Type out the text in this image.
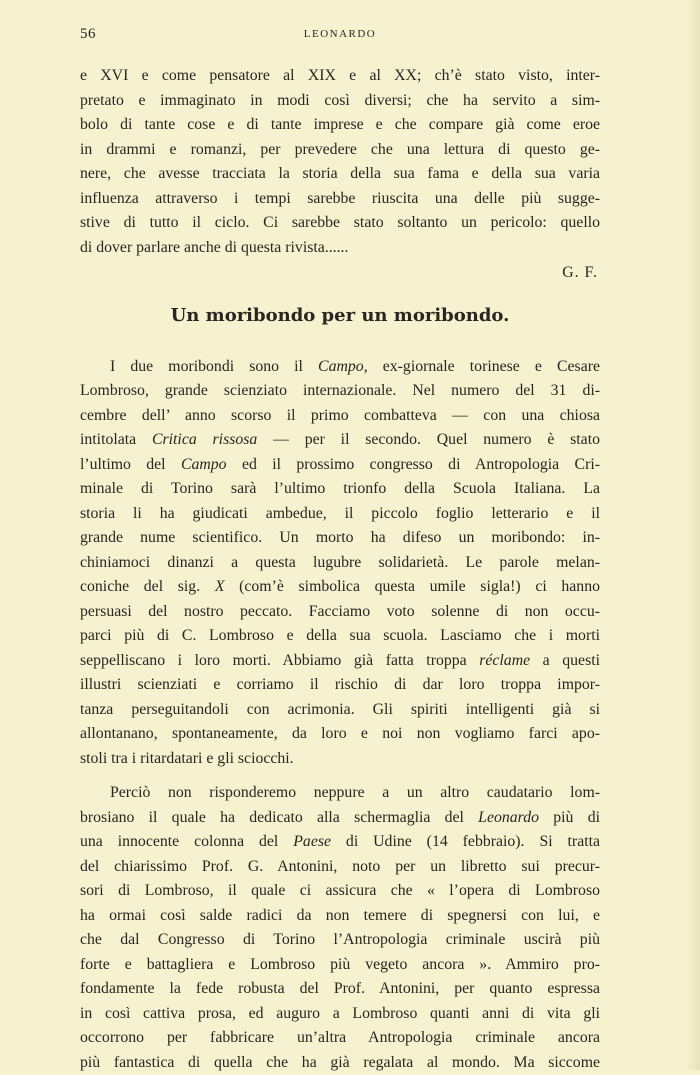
56	LEONARDO
e XVI e come pensatore al XIX e al XX; ch’è stato visto, inter-
pretato e immaginato in modi così diversi; che ha servito a sim-
bolo di tante cose e di tante imprese e che compare già come eroe
in drammi e romanzi, per prevedere che una lettura di questo ge-
nere, che avesse tracciata la storia della sua fama e della sua varia
influenza attraverso i tempi sarebbe riuscita una delle più sugge-
stive di tutto il ciclo. Ci sarebbe stato soltanto un pericolo: quello
di dover parlare anche di questa rivista......
G. F.
Un moribondo per un moribondo.
I due moribondi sono il Campo, ex-giornale torinese e Cesare
Lombroso, grande scienziato internazionale. Nel numero del 31 di-
cembre dell’ anno scorso il primo combatteva — con una chiosa
intitolata Critica rissosa — per il secondo. Quel numero è stato
l’ultimo del Campo ed il prossimo congresso di Antropologia Cri-
minale di Torino sarà l’ultimo trionfo della Scuola Italiana. La
storia li ha giudicati ambedue, il piccolo foglio letterario e il
grande nume scientifico. Un morto ha difeso un moribondo: in-
chiniamoci dinanzi a questa lugubre solidarietà. Le parole melan-
coniche del sig. X (com’è simbolica questa umile sigla!) ci hanno
persuasi del nostro peccato. Facciamo voto solenne di non occu-
parci più di C. Lombroso e della sua scuola. Lasciamo che i morti
seppelliscano i loro morti. Abbiamo già fatta troppa réclame a questi
illustri scienziati e corriamo il rischio di dar loro troppa impor-
tanza perseguitandoli con acrimonia. Gli spiriti intelligenti già si
allontanano, spontaneamente, da loro e noi non vogliamo farci apo-
stoli tra i ritardatari e gli sciocchi.
Perciò non risponderemo neppure a un altro caudatario lom-
brosiano il quale ha dedicato alla schermaglia del Leonardo più di
una innocente colonna del Paese di Udine (14 febbraio). Si tratta
del chiarissimo Prof. G. Antonini, noto per un libretto sui precur-
sori di Lombroso, il quale ci assicura che « l’opera di Lombroso
ha ormai così salde radici da non temere di spegnersi con lui, e
che dal Congresso di Torino l’Antropologia criminale uscirà più
forte e battagliera e Lombroso più vegeto ancora ». Ammiro pro-
fondamente la fede robusta del Prof. Antonini, per quanto espressa
in così cattiva prosa, ed auguro a Lombroso quanti anni di vita gli
occorrono per fabbricare un’altra Antropologia criminale ancora
più fantastica di quella che ha già regalata al mondo. Ma siccome
